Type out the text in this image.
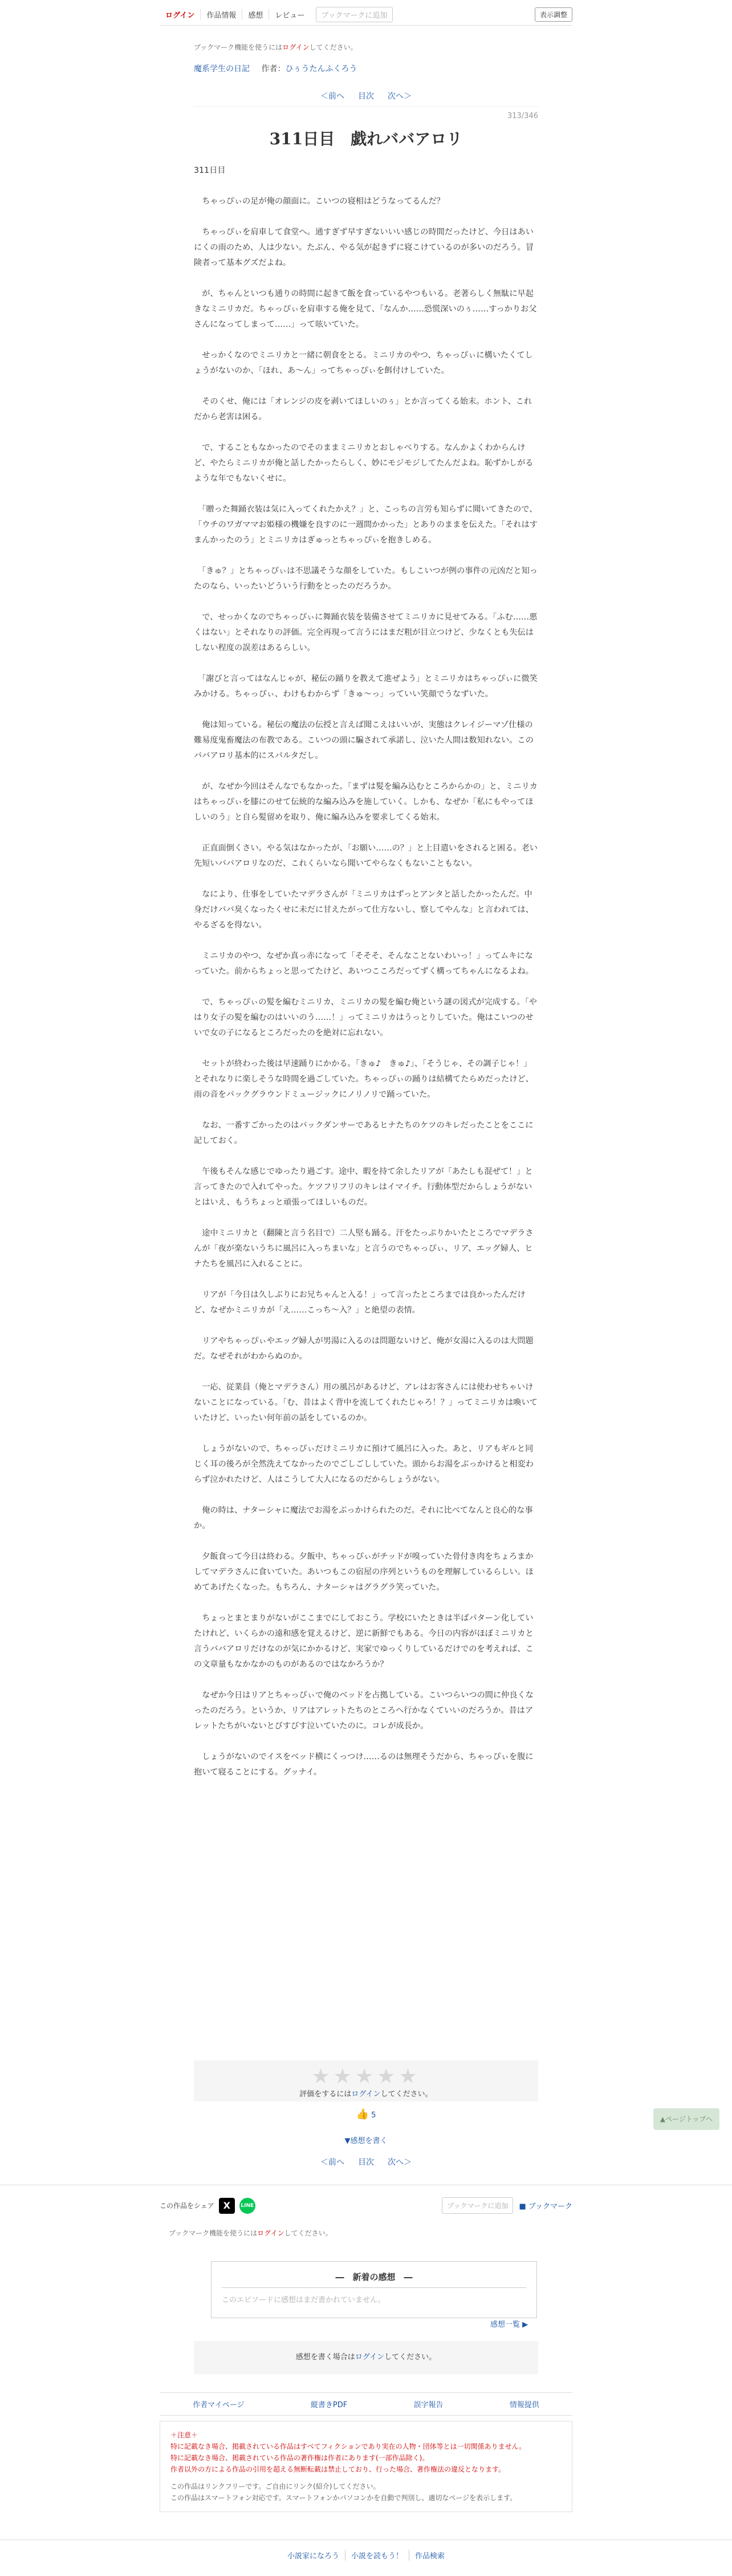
ログイン	作品情報	感想	レビュー	ブックマークに追加	表示調整
ブックマーク機能を使うにはログインしてください。
魔系学生の日記 作者：ひぅうたんふくろう
＜前へ 目次 次へ＞
313/346
311日目　戯れババアロリ

311日目

　ちゃっぴぃの足が俺の顔面に。こいつの寝相はどうなってるんだ？

　ちゃっぴぃを肩車して食堂へ。通すぎず早すぎないいい感じの時間だったけど、今日はあいにくの雨のため、人は少ない。たぶん、やる気が起きずに寝こけているのが多いのだろう。冒険者って基本グズだよね。

　が、ちゃんといつも通りの時間に起きて飯を食っているやつもいる。老著らしく無駄に早起きなミニリカだ。ちゃっぴぃを肩車する俺を見て、「なんか……恐慌深いのぅ……すっかりお父さんになってしまって……」って呟いていた。

　せっかくなのでミニリカと一緒に朝食をとる。ミニリカのやつ、ちゃっぴぃに構いたくてしょうがないのか、「ほれ、あ～ん」ってちゃっぴぃを餌付けしていた。

　そのくせ、俺には「オレンジの皮を剥いてほしいのぅ」とか言ってくる始末。ホント、これだから老害は困る。

　で、することもなかったのでそのままミニリカとおしゃべりする。なんかよくわからんけど、やたらミニリカが俺と話したかったらしく、妙にモジモジしてたんだよね。恥ずかしがるような年でもないくせに。

　「贈った舞踊衣装は気に入ってくれたかえ？」と、こっちの言労も知らずに聞いてきたので、「ウチのワガママお姫様の機嫌を良すのに一週間かかった」とありのままを伝えた。「それはすまんかったのう」とミニリカはぎゅっとちゃっぴぃを抱きしめる。

　「きゅ？」とちゃっぴぃは不思議そうな顔をしていた。もしこいつが例の事件の元凶だと知ったのなら、いったいどういう行動をとったのだろうか。

　で、せっかくなのでちゃっぴぃに舞踊衣装を装備させてミニリカに見せてみる。「ふむ……悪くはない」とそれなりの評価。完全再現って言うにはまだ粗が目立つけど、少なくとも失伝はしない程度の誤差はあるらしい。

　「謝びと言ってはなんじゃが、秘伝の踊りを教えて進ぜよう」とミニリカはちゃっぴぃに微笑みかける。ちゃっぴぃ、わけもわからず「きゅ～っ」っていい笑顔でうなずいた。

　俺は知っている。秘伝の魔法の伝授と言えば聞こえはいいが、実態はクレイジーマゾ仕様の難易度鬼畜魔法の布教である。こいつの頭に騙されて承諾し、泣いた人間は数知れない。このババアロリ基本的にスパルタだし。

　が、なぜか今回はそんなでもなかった。「まずは髪を編み込むところからかの」と、ミニリカはちゃっぴぃを膝にのせて伝統的な編み込みを施していく。しかも、なぜか「私にもやってほしいのう」と自ら髪留めを取り、俺に編み込みを要求してくる始末。

　正直面倒くさい。やる気はなかったが、「お願い……の？」と上目遣いをされると困る。老い先短いババアロリなのだ、これくらいなら聞いてやらなくもないこともない。

　なにより、仕事をしていたマデラさんが「ミニリカはずっとアンタと話したかったんだ。中身だけババ臭くなったくせに未だに甘えたがって仕方ないし、察してやんな」と言われては、やるざるを得ない。

　ミニリカのやつ、なぜか真っ赤になって「そそそ、そんなことないわいっ！」ってムキになっていた。前からちょっと思ってたけど、あいつこころだってずく構ってちゃんになるよね。

　で、ちゃっぴぃの髪を編むミニリカ、ミニリカの髪を編む俺という謎の図式が完成する。「やはり女子の髪を編むのはいいのう……！」ってミニリカはうっとりしていた。俺はこいつのせいで女の子になるところだったのを絶対に忘れない。

　セットが終わった後は早速踊りにかかる。「きゅ♪　きゅ♪」、「そうじゃ、その調子じゃ！」とそれなりに楽しそうな時間を過ごしていた。ちゃっぴぃの踊りは結構てたらめだったけど、雨の音をバックグラウンドミュージックにノリノリで踊っていた。

　なお、一番すごかったのはバックダンサーであるヒナたちのケツのキレだったことをここに記しておく。

　午後もそんな感じでゆったり過ごす。途中、暇を持て余したリアが「あたしも混ぜて！」と言ってきたので入れてやった。ケツフリフリのキレはイマイチ。行動体型だからしょうがないとはいえ、もうちょっと頑張ってほしいものだ。

　途中ミニリカと（翻陳と言う名目で）二人堅も踊る。汗をたっぷりかいたところでマデラさんが「夜が楽ないうちに風呂に入っちまいな」と言うのでちゃっぴぃ、リア、エッグ婦人、ヒナたちを風呂に入れることに。

　リアが「今日は久しぶりにお兄ちゃんと入る！」って言ったところまでは良かったんだけど、なぜかミニリカが「え……こっち～入？」と絶望の表情。

　リアやちゃっぴぃやエッグ婦人が男湯に入るのは問題ないけど、俺が女湯に入るのは大問題だ。なぜそれがわからぬのか。

　一応、従業員（俺とマデラさん）用の風呂があるけど、アレはお客さんには使わせちゃいけないことになっている。「む、昔はよく背中を流してくれたじゃろ！？」ってミニリカは喚いていたけど、いったい何年前の話をしているのか。

　しょうがないので、ちゃっぴぃだけミニリカに預けて風呂に入った。あと、リアもギルと同じく耳の後ろが全然洗えてなかったのでごしごししていた。頭からお湯をぶっかけると相変わらず泣かれたけど、人はこうして大人になるのだからしょうがない。

　俺の時は、ナターシャに魔法でお湯をぶっかけられたのだ。それに比べてなんと良心的な事か。

　夕飯食って今日は終わる。夕飯中、ちゃっぴぃがチッドが嗅っていた骨付き肉をちょろまかしてマデラさんに食いていた。あいつもこの宿屋の序列というものを理解しているらしい。ほめてあげたくなった。もちろん、ナターシャはグラグラ笑っていた。

　ちょっとまとまりがないがここまでにしておこう。学校にいたときは半ばパターン化していたけれど、いくらかの遠和感を覚えるけど、逆に新鮮でもある。今日の内容がほぼミニリカと言うババアロリだけなのが気にかかるけど、実家でゆっくりしているだけでのを考えれば、この文章量もなかなかのものがあるのではなかろうか？

　なぜか今日はリアとちゃっぴぃで俺のベッドを占拠している。こいつらいつの間に仲良くなったのだろう。というか、リアはアレットたちのところへ行かなくていいのだろうか。昔はアレットたちがいないとびすびす泣いていたのに。コレが成長か。

　しょうがないのでイスをベッド横にくっつけ……るのは無理そうだから、ちゃっぴぃを腹に抱いて寝ることにする。グッナイ。

★★★★★
評価をするにはログインしてください。
👍 5
▼感想を書く
＜前へ 目次 次へ＞
この作品をシェア X	LINE	ブックマークに追加	■ ブックマーク
ブックマーク機能を使うにはログインしてください。
―　新着の感想　―
このエピソードに感想はまだ書かれていません。
感想一覧 ▶
感想を書く場合はログインしてください。
作者マイページ	縦書きPDF	誤字報告	情報提供
＋注意＋
特に記載なき場合、掲載されている作品はすべてフィクションであり実在の人物・団体等とは一切関係ありません。
特に記載なき場合、掲載されている作品の著作権は作者にあります(一部作品除く)。
作者以外の方による作品の引用を超える無断転載は禁止しており、行った場合、著作権法の違反となります。
この作品はリンクフリーです。ご自由にリンク(紹介)してください。
この作品はスマートフォン対応です。スマートフォンかパソコンかを自動で判別し、適切なページを表示します。
小説家になろう	小説を読もう！	作品検索
▲ページトップへ
